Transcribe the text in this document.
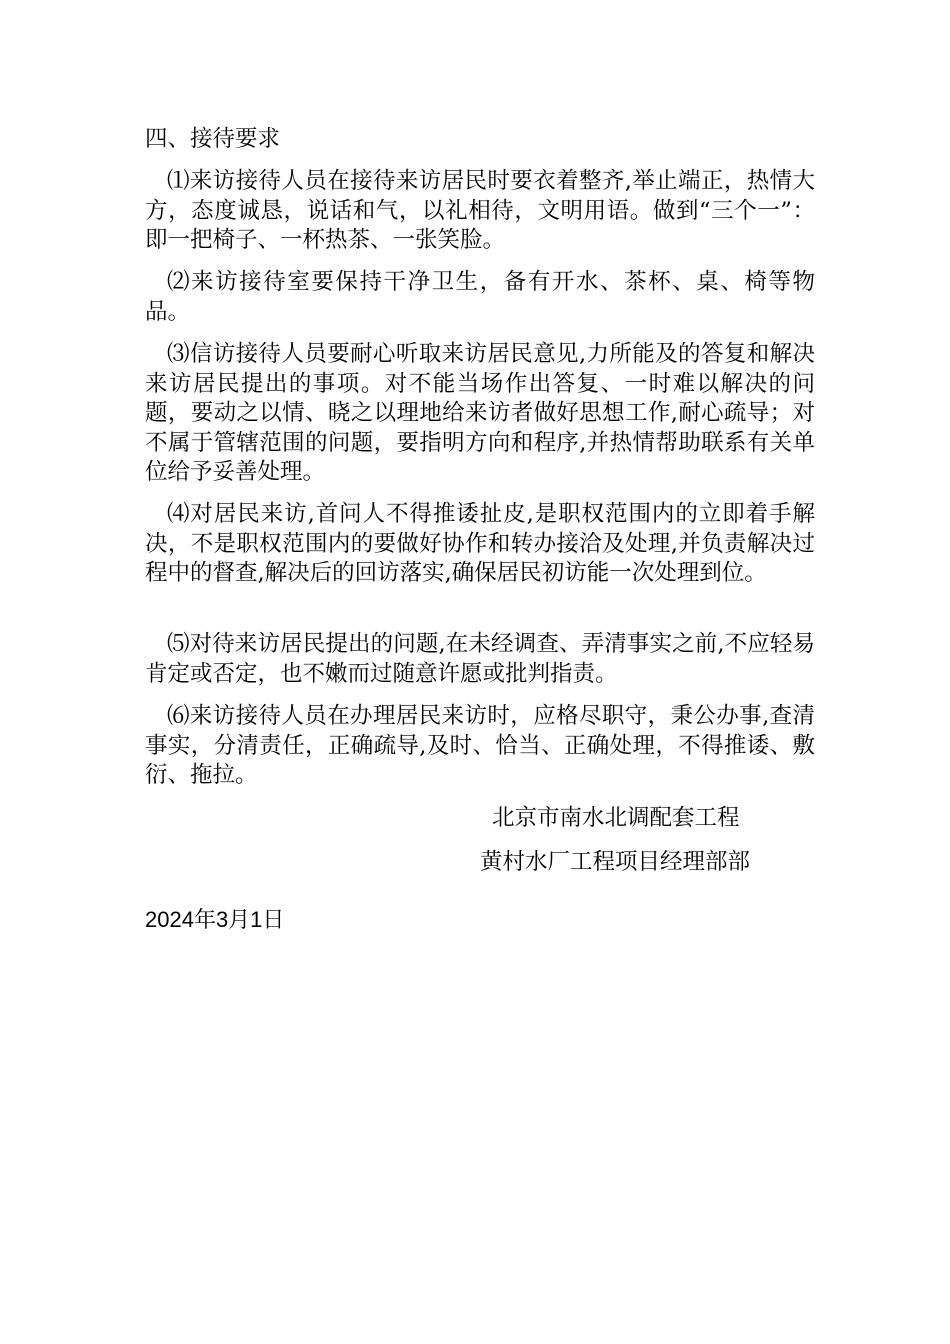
四、接待要求
⑴来访接待人员在接待来访居民时要衣着整齐,举止端正，热情大方，态度诚恳，说话和气，以礼相待，文明用语。做到“三个一”：即一把椅子、一杯热茶、一张笑脸。
⑵来访接待室要保持干净卫生，备有开水、茶杯、桌、椅等物品。
⑶信访接待人员要耐心听取来访居民意见,力所能及的答复和解决来访居民提出的事项。对不能当场作出答复、一时难以解决的问题，要动之以情、晓之以理地给来访者做好思想工作,耐心疏导；对不属于管辖范围的问题，要指明方向和程序,并热情帮助联系有关单位给予妥善处理。
⑷对居民来访,首问人不得推诿扯皮,是职权范围内的立即着手解决，不是职权范围内的要做好协作和转办接洽及处理,并负责解决过程中的督查,解决后的回访落实,确保居民初访能一次处理到位。
⑸对待来访居民提出的问题,在未经调查、弄清事实之前,不应轻易肯定或否定，也不嫩而过随意许愿或批判指责。
⑹来访接待人员在办理居民来访时，应格尽职守，秉公办事,查清事实，分清责任，正确疏导,及时、恰当、正确处理，不得推诿、敷衍、拖拉。
北京市南水北调配套工程
黄村水厂工程项目经理部部
2024年3月1日
